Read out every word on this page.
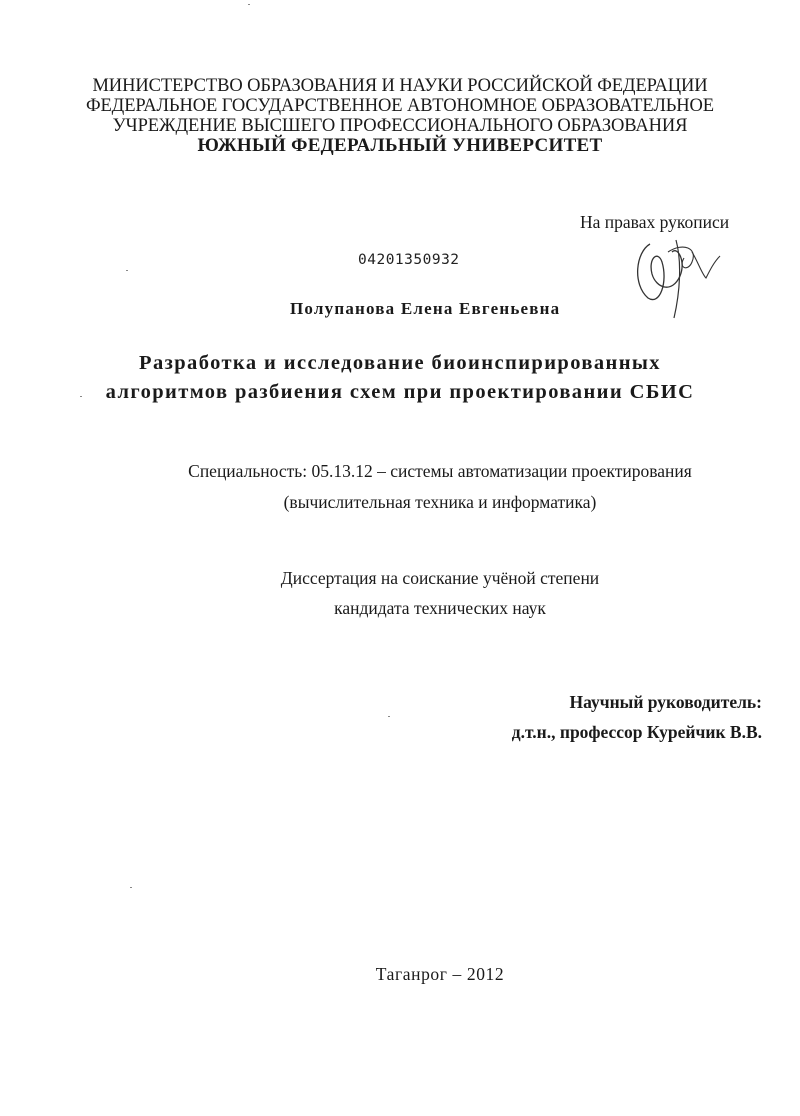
МИНИСТЕРСТВО ОБРАЗОВАНИЯ И НАУКИ РОССИЙСКОЙ ФЕДЕРАЦИИ
ФЕДЕРАЛЬНОЕ ГОСУДАРСТВЕННОЕ АВТОНОМНОЕ ОБРАЗОВАТЕЛЬНОЕ
УЧРЕЖДЕНИЕ ВЫСШЕГО ПРОФЕССИОНАЛЬНОГО ОБРАЗОВАНИЯ
ЮЖНЫЙ ФЕДЕРАЛЬНЫЙ УНИВЕРСИТЕТ
На правах рукописи
04201350932
Полупанова Елена Евгеньевна
Разработка и исследование биоинспирированных
алгоритмов разбиения схем при проектировании СБИС
Специальность: 05.13.12 – системы автоматизации проектирования
(вычислительная техника и информатика)
Диссертация на соискание учёной степени
кандидата технических наук
Научный руководитель:
д.т.н., профессор Курейчик В.В.
Таганрог – 2012
